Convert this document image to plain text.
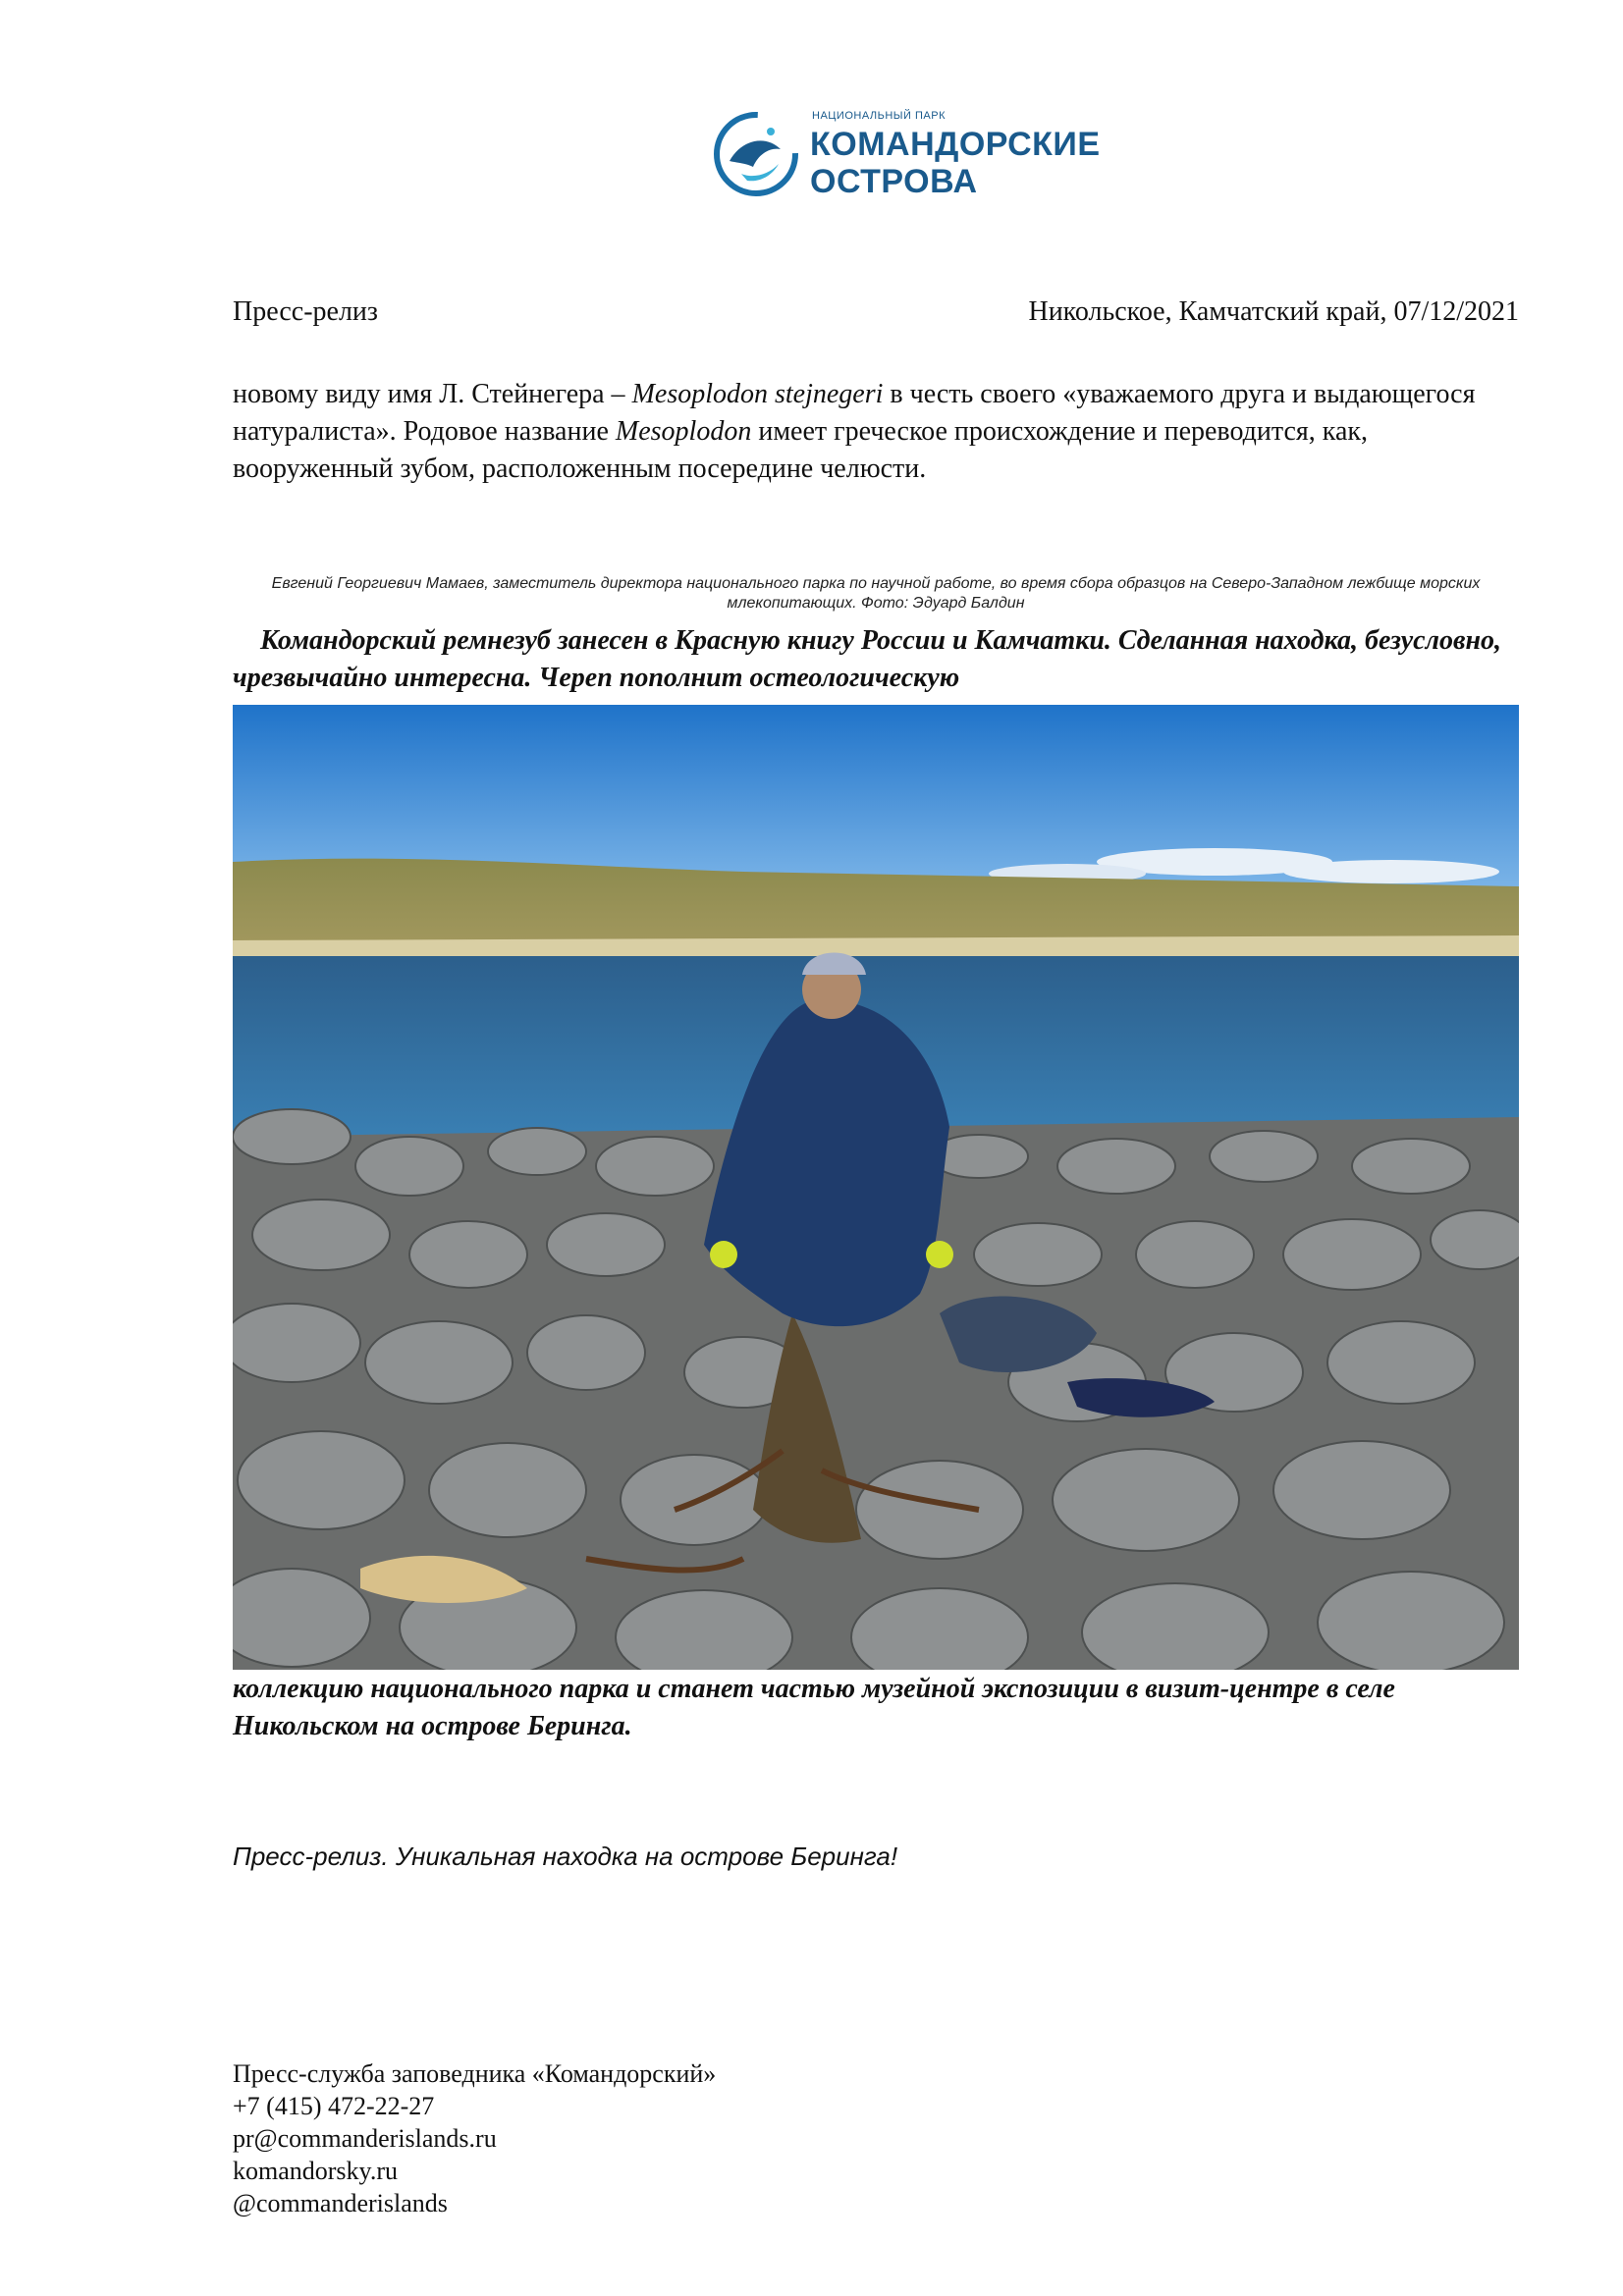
НАЦИОНАЛЬНЫЙ ПАРК
КОМАНДОРСКИЕ
ОСТРОВА
Пресс-релиз	Никольское, Камчатский край, 07/12/2021
новому виду имя Л. Стейнегера – Mesoplodon stejnegeri в честь своего «уважаемого друга и выдающегося натуралиста». Родовое название Mesoplodon имеет греческое происхождение и переводится, как, вооруженный зубом, расположенным посередине челюсти.
Евгений Георгиевич Мамаев, заместитель директора национального парка по научной работе, во время сбора образцов на Северо-Западном лежбище морских млекопитающих. Фото: Эдуард Балдин
Командорский ремнезуб занесен в Красную книгу России и Камчатки. Сделанная находка, безусловно, чрезвычайно интересна. Череп пополнит остеологическую
коллекцию национального парка и станет частью музейной экспозиции в визит-центре в селе Никольском на острове Беринга.
Пресс-релиз. Уникальная находка на острове Беринга!
Пресс-служба заповедника «Командорский»
+7 (415) 472-22-27
pr@commanderislands.ru
komandorsky.ru
@commanderislands
